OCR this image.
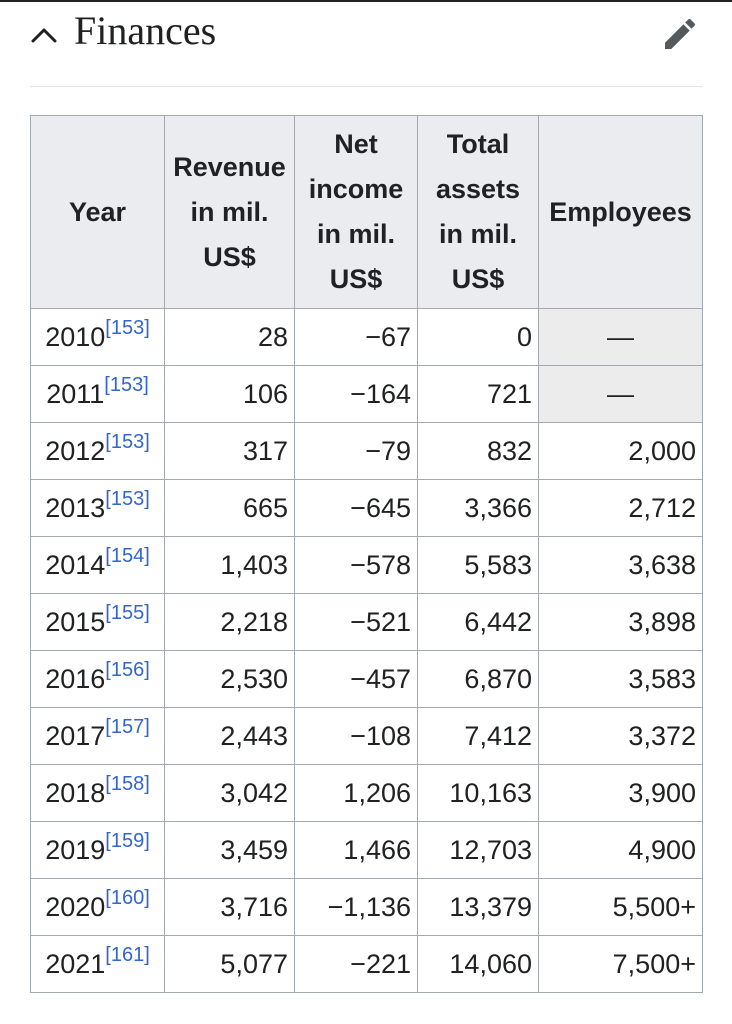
Finances
Year	Revenue
in mil.
US$	Net
income
in mil.
US$	Total
assets
in mil.
US$	Employees
2010[153]	28	−67	0	—
2011[153]	106	−164	721	—
2012[153]	317	−79	832	2,000
2013[153]	665	−645	3,366	2,712
2014[154]	1,403	−578	5,583	3,638
2015[155]	2,218	−521	6,442	3,898
2016[156]	2,530	−457	6,870	3,583
2017[157]	2,443	−108	7,412	3,372
2018[158]	3,042	1,206	10,163	3,900
2019[159]	3,459	1,466	12,703	4,900
2020[160]	3,716	−1,136	13,379	5,500+
2021[161]	5,077	−221	14,060	7,500+
